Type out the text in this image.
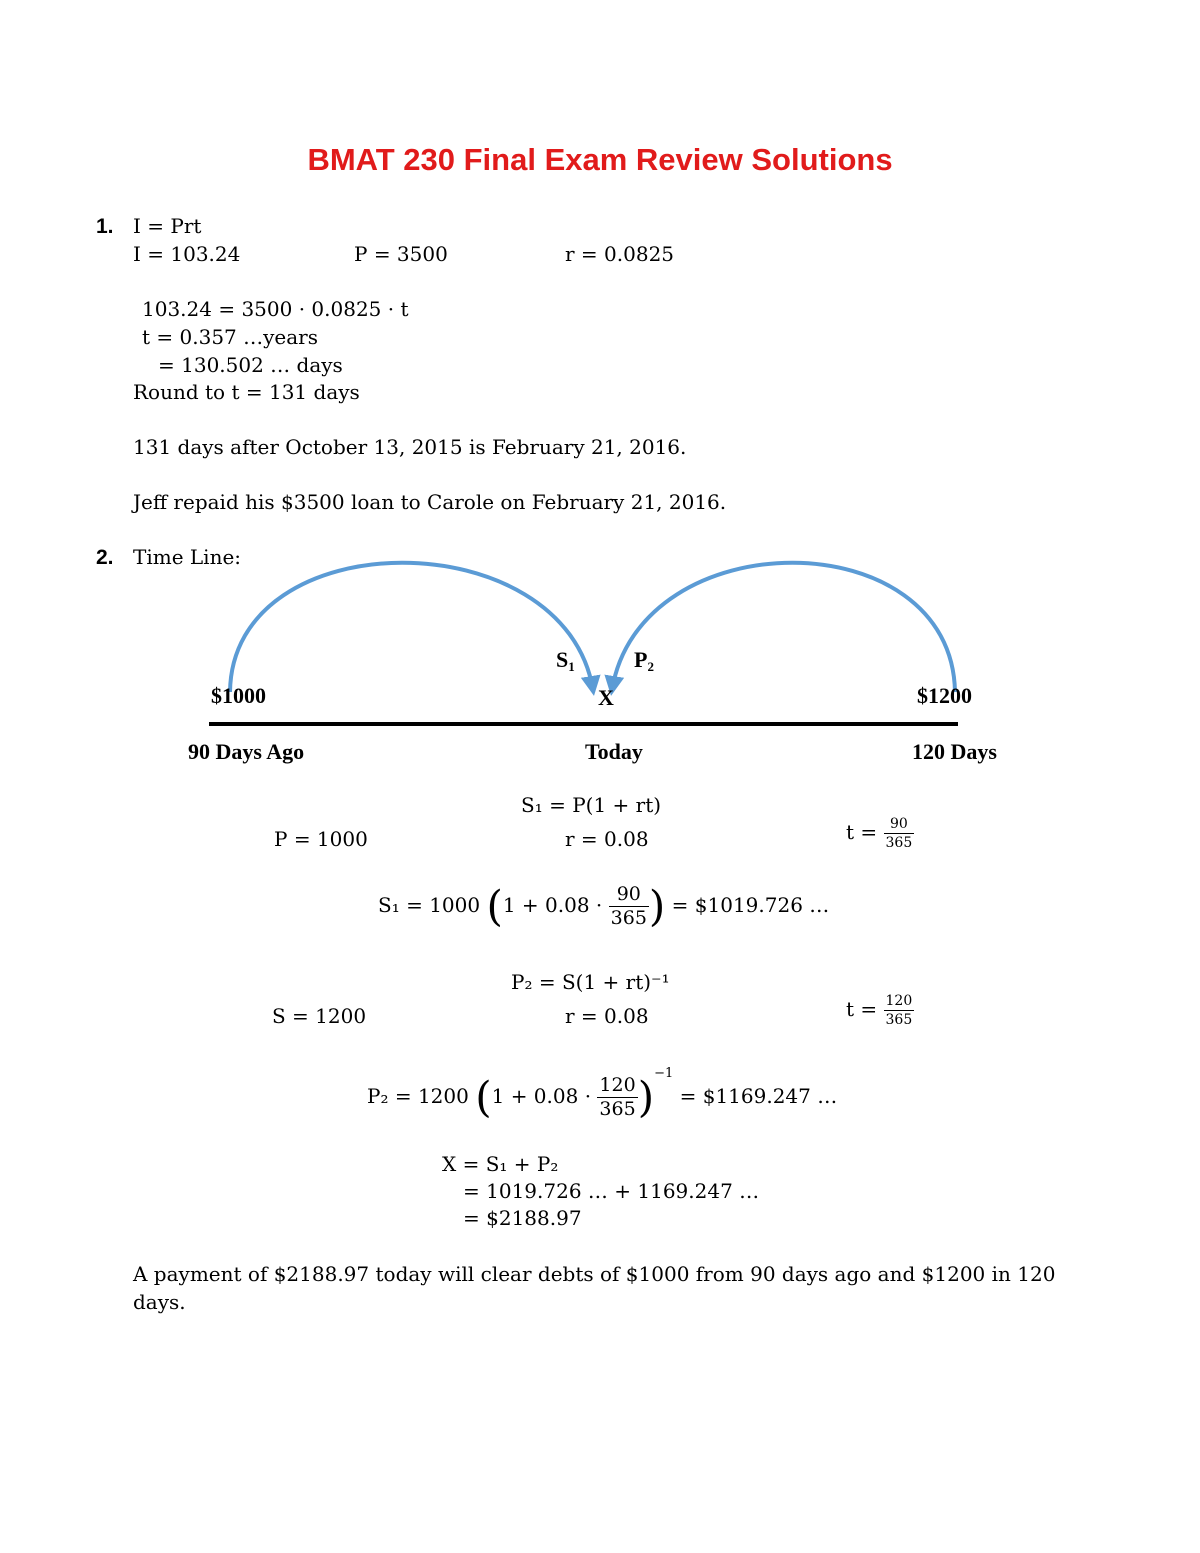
BMAT 230 Final Exam Review Solutions
1. I = Prt
I = 103.24	P = 3500	r = 0.0825
103.24 = 3500 · 0.0825 · t
t = 0.357 …years
= 130.502 … days
Round to t = 131 days
131 days after October 13, 2015 is February 21, 2016.
Jeff repaid his $3500 loan to Carole on February 21, 2016.
2. Time Line:
$S_1$	$P_2$
$1000	X	$1200
90 Days Ago	Today	120 Days
S₁ = P(1 + rt)
P = 1000	r = 0.08	$t = \frac{90}{365}$
S₁ = 1000 ($1 + 0.08 \cdot \frac{90}{365}$ ) = $1019.726 …
P₂ = S(1 + rt)⁻¹
S = 1200	r = 0.08	$t = \frac{120}{365}$
P₂ = 1200 $(1 + 0.08 \cdot \frac{120}{365} )^{-1}$ = $1169.247 …
X = S₁ + P₂
= 1019.726 … + 1169.247 …
= $2188.97
A payment of $2188.97 today will clear debts of $1000 from 90 days ago and $1200 in 120
days.
